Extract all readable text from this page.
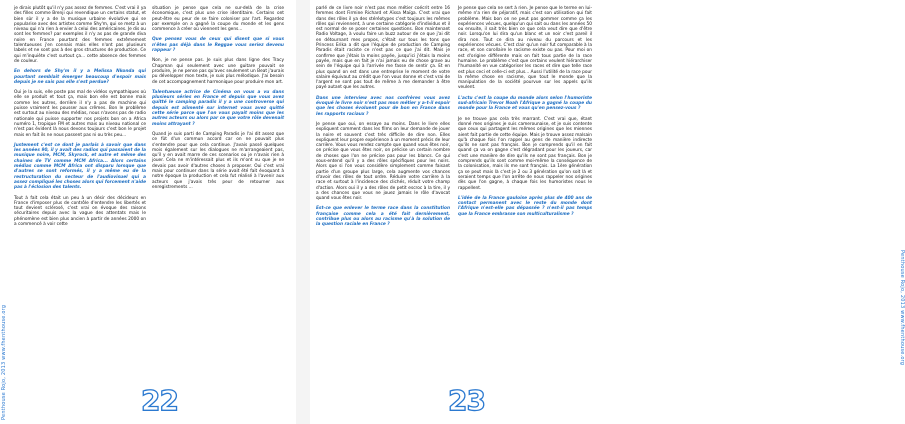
Penthouse Rojo, 2013 www.fhenthouse.org

je dirais plutôt qu'il n'y pas assez de femmes. C'est vrai il ya des filles comme Brenji qui revendique un certains statut, et bien sûr il y a de la musique urbaine évolutive qui se popularise avec des artistes comme Shy'm, qui se metz à un niveau qui n'a rien à envier à celui des américaines. Je dis ou sont les femmes? par exemples il n'y as pas de grande diva noire en France pourtant des femmes extrêmement talentueuses j'en connais mais elles n'ont pas plusieurs labels et ne sont pas à des gros structures de production. Ce qui m'inquiète c'est surtout ça... cette absence des femmes de couleur.

En dehors de Shy'm il y a Melissa Nkonda qui pourtant semblait émerger beaucoup d'espoir mais depuis je ne sais pas elle s'est perdue?

Oui je la suis, elle poste pas mal de vidéos sympathiques où elle se produit et tout ça, mais bon elle est bonne mais comme les autres, derrière il n'y a pas de machine qui puisse vraiment les pousser aux crêmes. Bon le problème est surtout au niveau des médias, nous n'avons pas de radio nationale qui puisse supporter nos projets bon on a Africa numéro 1, tropique FM et autres mais au niveau national ce n'est pas évident là nous devons toujours c'est bon le projet mais en fait ils ne nous passent pas ni ou très peu...

Justement c'est ce dont je parlais à savoir que dans les années 90, il y avait des radios qui passaient de la musique noire, MCM, Skyrock, et autre et même des chaines de TV comme MCM Africa... Alors certains médias comme MCM Africa ont disparu lorsque que d'autres se sont reformés, il y a même eu de la restructuration du secteur de l'audiovisuel qui a assez compliqué les choses alors qui forcement n'aide pas à l'éclosion des talents.

Tout à fait cela était un peu à un désir des décideurs en France d'imposer plus de contrôle d'entendre les libertés et tout devient sclérosé, c'est vrai on évoque des raisons sécuritaires depuis avec la vague des attentats mais le phénomène est bien plus ancien à partir de années 2000 on a commencé à voir cette

situation je pense que cela ne sur-delà de la crise économique, c'est plus une crise identitaire. Certains ont peut-être eu peur de se faire coloniser par l'art. Regardez par exemple on a gagné la coupe du monde et les gens commence à créer où viennent les gens...

Que pensez vous de ceux qui disent que si vous n'êtes pas déjà dans le Reggae vous seriez devenu rappeur ?

Non, je ne pense pas. Je suis plus dans ligne des Tracy Chapman qui seulement avec une guitare pouvait se produire, je ne pense pas qu'avec seulement un Beat j'aurais pu développer mon texte, je suis plus mélodique. J'ai besoin de cet accompagnement harmonique pour produire mon art.

Talentueuse actrice de Cinéma on vous a vu dans plusieurs séries en France et depuis que vous avez quitté le camping paradis il y a une controverse qui depuis est alimenté sur internet vous avez quitté cette série parce que l'on vous payait moins que les autres acteurs ou alors par ce que votre rôle devenait moins attrayant ?

Quand je suis parti de Camping Paradis je l'ai dit assez que ce fût d'un commun accord car on ne pouvait plus s'entendre pour que cela continue. J'avais passé quelques mois également sur les dialogues ne m'arrangeaient pas, qu'il y en avait marre de ces scenarios ou je n'avais rien à jouer. Cela ne m'intéressait plus et ils m'ont vu que je ne devais pas avoir d'autres choses à proposer. Oui c'est vrai mais pour continuer dans la série avait été fait évoquant à notre époque la production et cela fut réalisé à l'avenir aux acteurs que j'avais très peur de retourner aux enregistrements ...

22

parlé de ce livre noir n'est pas mon métier coécrit entre 16 femmes dont Firmine Richard et Aïssa Maïga. C'est vrai que dans des rôles il ya des stéréotypes c'est toujours les mêmes rôles qui reviennent, à une certaine catégorie d'individus et il est normal de se poser certaines questions. Bon maintenant Radio Voltage, à voulu faire un buzz autour de ce que j'ai dit en détournant mes propos, c'était sur tous les tons que Princess Erika a dit que l'équipe de production de Camping Paradis était raciste ce n'est pas ce que j'ai dit. Mais je confirme que j'étais la moins payée, jusqu'ici j'étais la moins payée, mais que en fait je n'ai jamais eu de chose grave au sein de l'équipe qui à l'arrivée me fasse de sentir ça. Et en plus quand on est dans une entreprise le moment de votre salaire équivaut au crédit que l'on vous donne et c'est vrai de l'argent ne sont pas tout de même à me demander à être payé autant que les autres.

Dans une interview avec nos confrères vous avez évoqué le livre noir n'est pas mon métier y a-t-il espoir que les choses évoluent pour de bon en France dans les rapports raciaux ?

Je pense que oui, on essaye au moins. Dans le livre elles expliquent comment dans les films on leur demande de jouer la noire et souvent c'est très difficile de dire non. Elles expliquent leur propre expérience à un moment précis de leur carrière. Vous vous rendez compte que quand vous êtes noir, on précise que vous êtes noir, on précise un certain nombre de choses que l'on ne précise pas pour les blancs. Ce qui sous-entend qu'il y a des rôles spécifiques pour les noirs. Alors que si l'on vous considère simplement comme faisant partie d'un groupe plus large, cela augmente vos chances d'avoir des rôles de tout ordre. Réduire votre carrière à la race et surtout à l'incidence des clichés, réduit votre champ d'action. Alors oui il y a des rôles de petit escroc à la tire, il y a des chances que vous ne jouez jamais le rôle d'avocat quand vous êtes noir.

Est-ce que enlever le terme race dans la constitution française comme cela a été fait dernièrement, contribue plus ou alors au racisme qu'à la solution de la question raciale en France ?

Je pense que cela ne sert à rien. Je pense que le terme en lui-même n'a rien de péjoratif, mais c'est son utilisation qui fait problème. Mais bon on ne peut pas gommer comme ça les expériences vécues, quelqu'un qui sait ou dans les années 50 ou ensuite, il sait très bien ce que cela veut dire que d'être noir. Lorsqu'on lui dira qu'un blanc et un noir c'est pareil il dira non. Tout ce dira au niveau du parcours et les expériences vécues. C'est clair qu'un noir fut comparable à la race, et son corollaire le racisme existe ou pas. Pour moi on est d'origine différente mais on fait tous partie de la race humaine. Le problème c'est que certains veulent hiérarchiser l'humanité en vue catégoriser les races et dire que telle race est plus ceci et celle-ci est plus... Aussi l'utilité de la race pour la même chose en racisme, que tout le monde que la manipulation de la société pourvue sur les appels qu'ils veulent.

L'actu c'est la coupe du monde alors selon l'humoriste sud-africain Trevor Noah l'Afrique a gagné la coupe du monde pour la France et vous qu'en pensez-vous ?

Je ne trouve pas cela très marrant. C'est vrai que, étant donné mes origines je suis camerounaise, et je suis contente que ceux qui partagent les mêmes origines que les miennes aient fait partie de cette équipe. Mais je trouve assez malsain qu'à chaque fois l'on rappel au gens de manière indirecte qu'ils ne sont pas français. Bon je comprends qu'il en fait quand ça va on gagne c'est dégradant pour les joueurs, car c'est une manière de dire qu'ils ne sont pas français. Bon je comprends qu'ils sont comme moi-même la conséquence de la colonisation, mais ils me sont français. La 1ère génération ça se peut mais là c'est je 2 ou 3 génération qu'on soit là et seraient temps que l'on arrête de nous rappeler nos origines dès que l'on gagne, à chaque fois les humoristes nous le rappellent.

L'idée de la France gauloise après plus de 400 ans de contact permanent avec le reste du monde dont l'Afrique n'est-elle pas dépassée ? n'est-il pas temps que la France embrasse son multiculturalisme ?

23
Penthouse Rojo, 2013 www.fhenthouse.org
